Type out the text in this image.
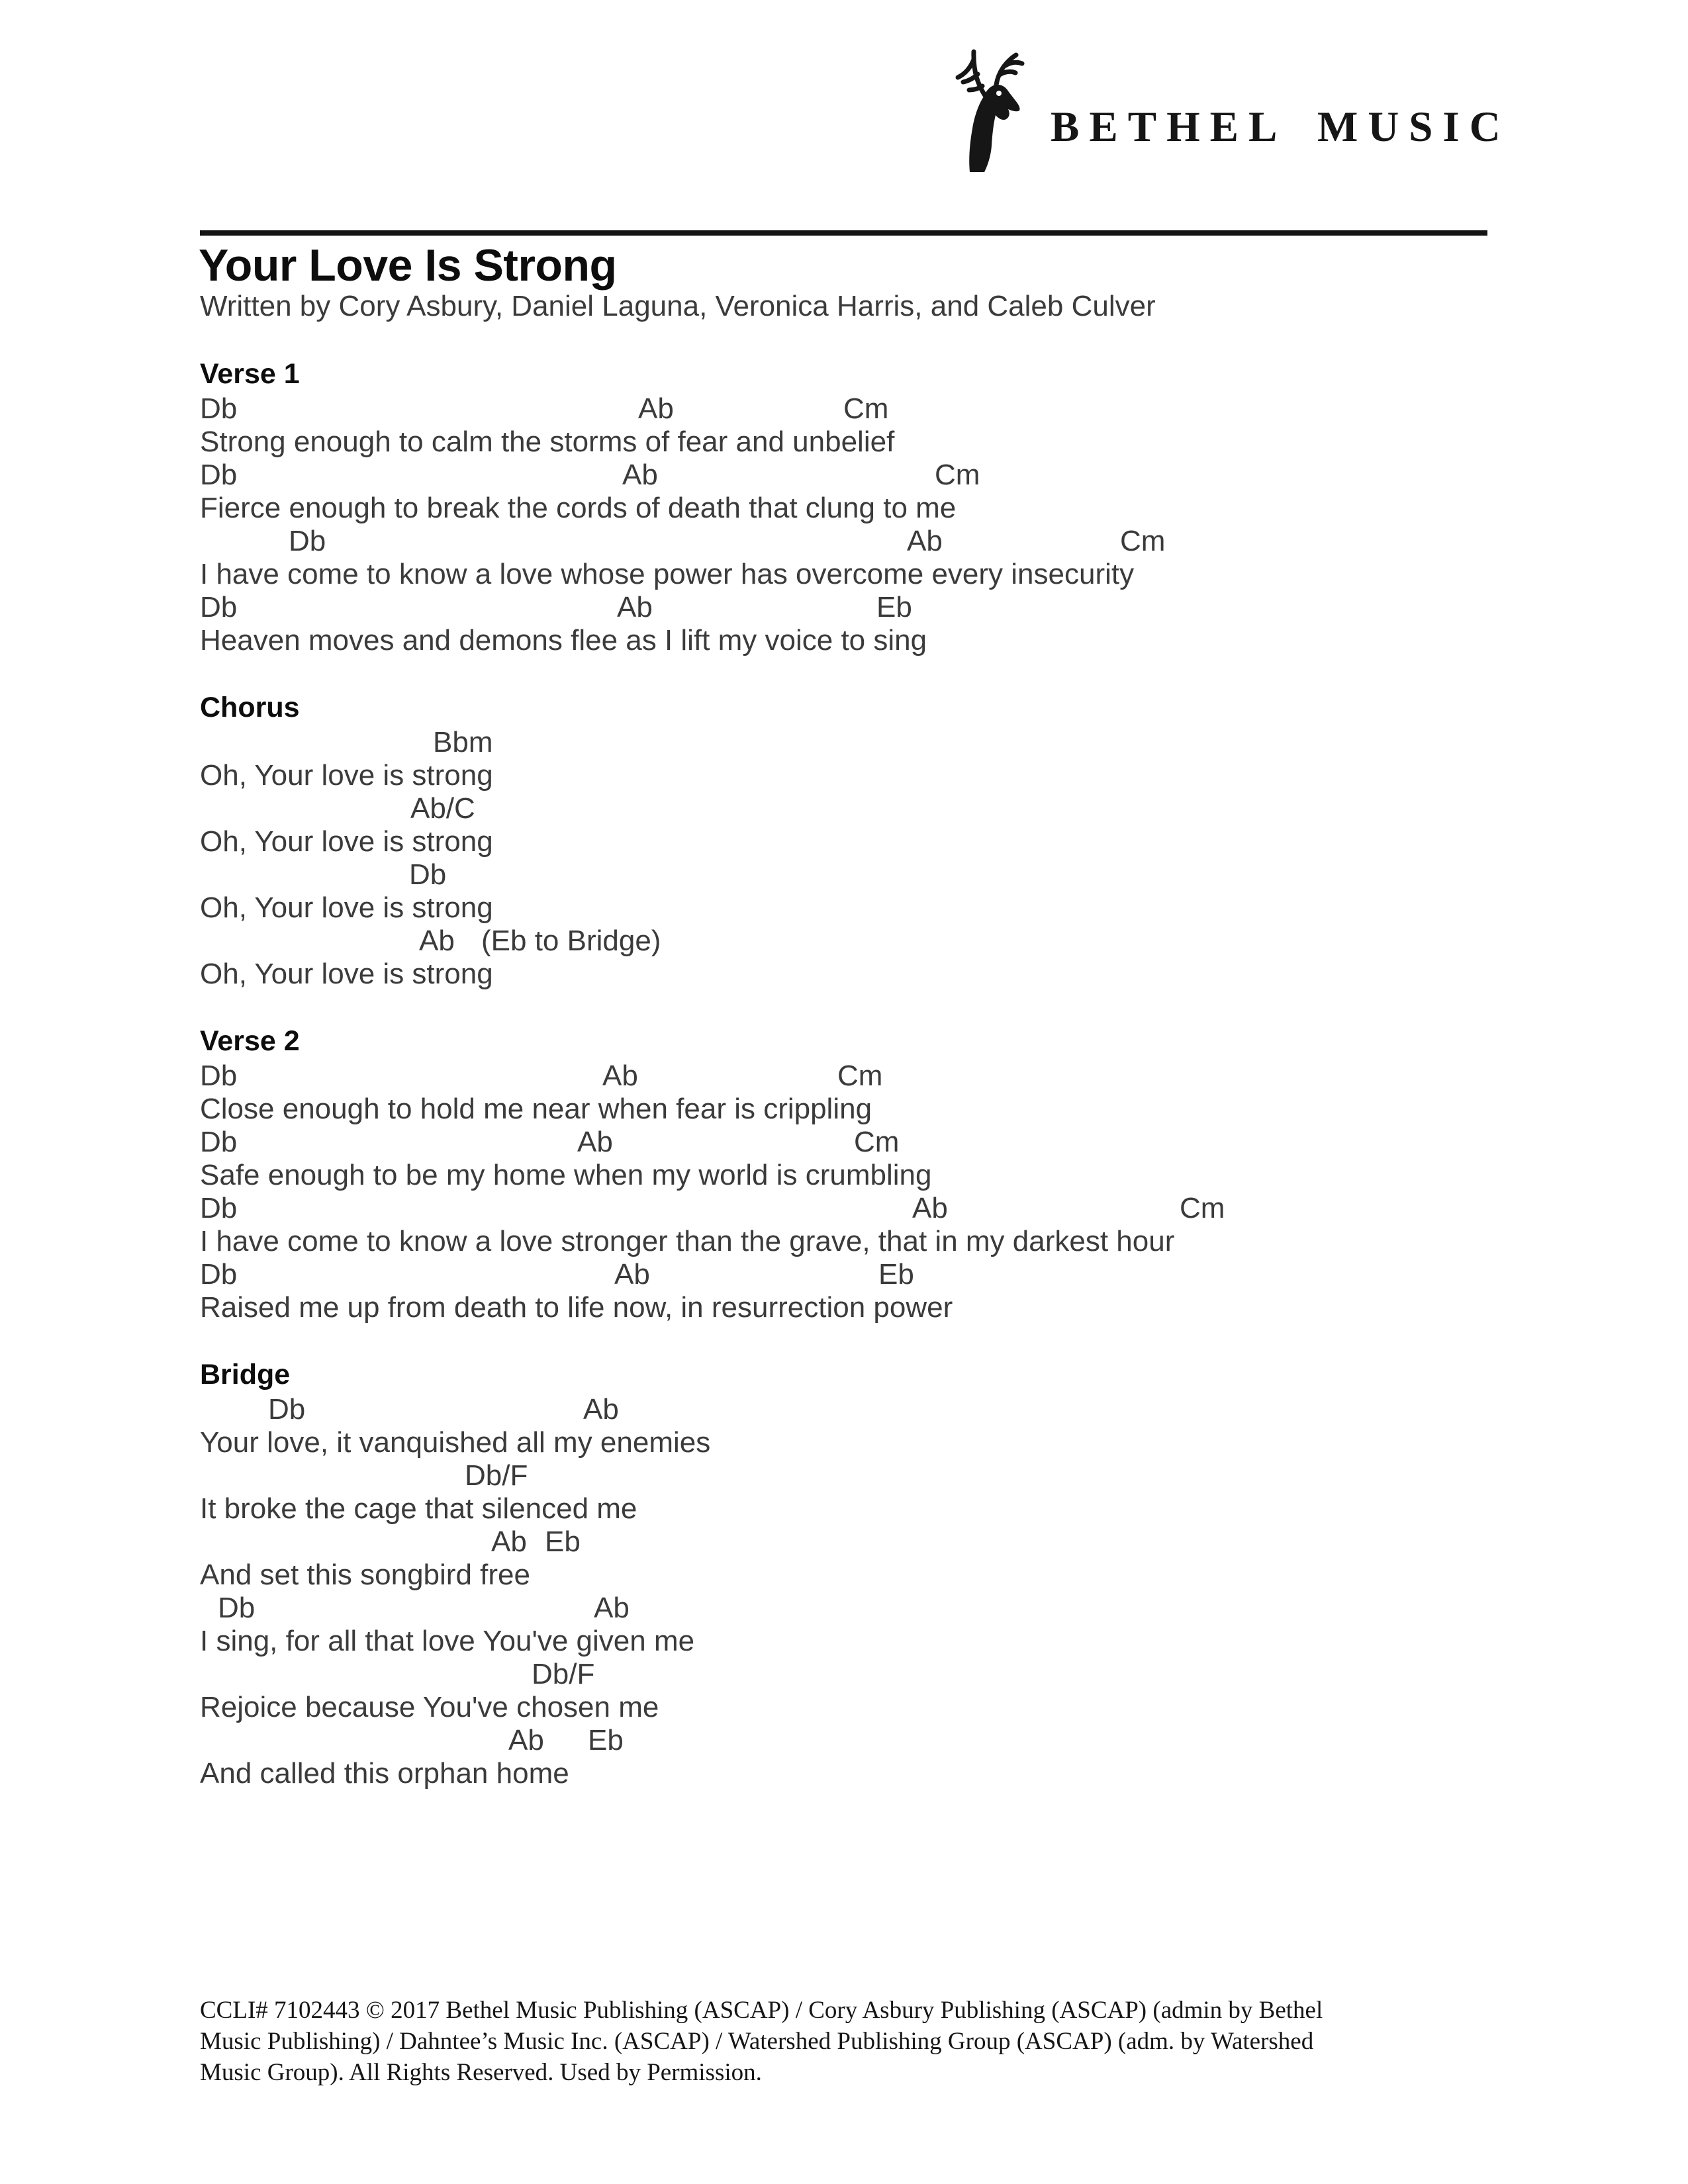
BETHEL MUSIC
Your Love Is Strong
Written by Cory Asbury, Daniel Laguna, Veronica Harris, and Caleb Culver
Verse 1
Db	Ab	Cm
Strong enough to calm the storms of fear and unbelief
Db	Ab	Cm
Fierce enough to break the cords of death that clung to me
Db	Ab	Cm
I have come to know a love whose power has overcome every insecurity
Db	Ab	Eb
Heaven moves and demons flee as I lift my voice to sing
Chorus
Bbm
Oh, Your love is strong
Ab/C
Oh, Your love is strong
Db
Oh, Your love is strong
Ab (Eb to Bridge)
Oh, Your love is strong
Verse 2
Db	Ab	Cm
Close enough to hold me near when fear is crippling
Db	Ab	Cm
Safe enough to be my home when my world is crumbling
Db	Ab	Cm
I have come to know a love stronger than the grave, that in my darkest hour
Db	Ab	Eb
Raised me up from death to life now, in resurrection power
Bridge
Db	Ab
Your love, it vanquished all my enemies
Db/F
It broke the cage that silenced me
Ab Eb
And set this songbird free
Db	Ab
I sing, for all that love You've given me
Db/F
Rejoice because You've chosen me
Ab Eb
And called this orphan home
CCLI# 7102443 © 2017 Bethel Music Publishing (ASCAP) / Cory Asbury Publishing (ASCAP) (admin by Bethel
Music Publishing) / Dahntee’s Music Inc. (ASCAP) / Watershed Publishing Group (ASCAP) (adm. by Watershed
Music Group). All Rights Reserved. Used by Permission.
